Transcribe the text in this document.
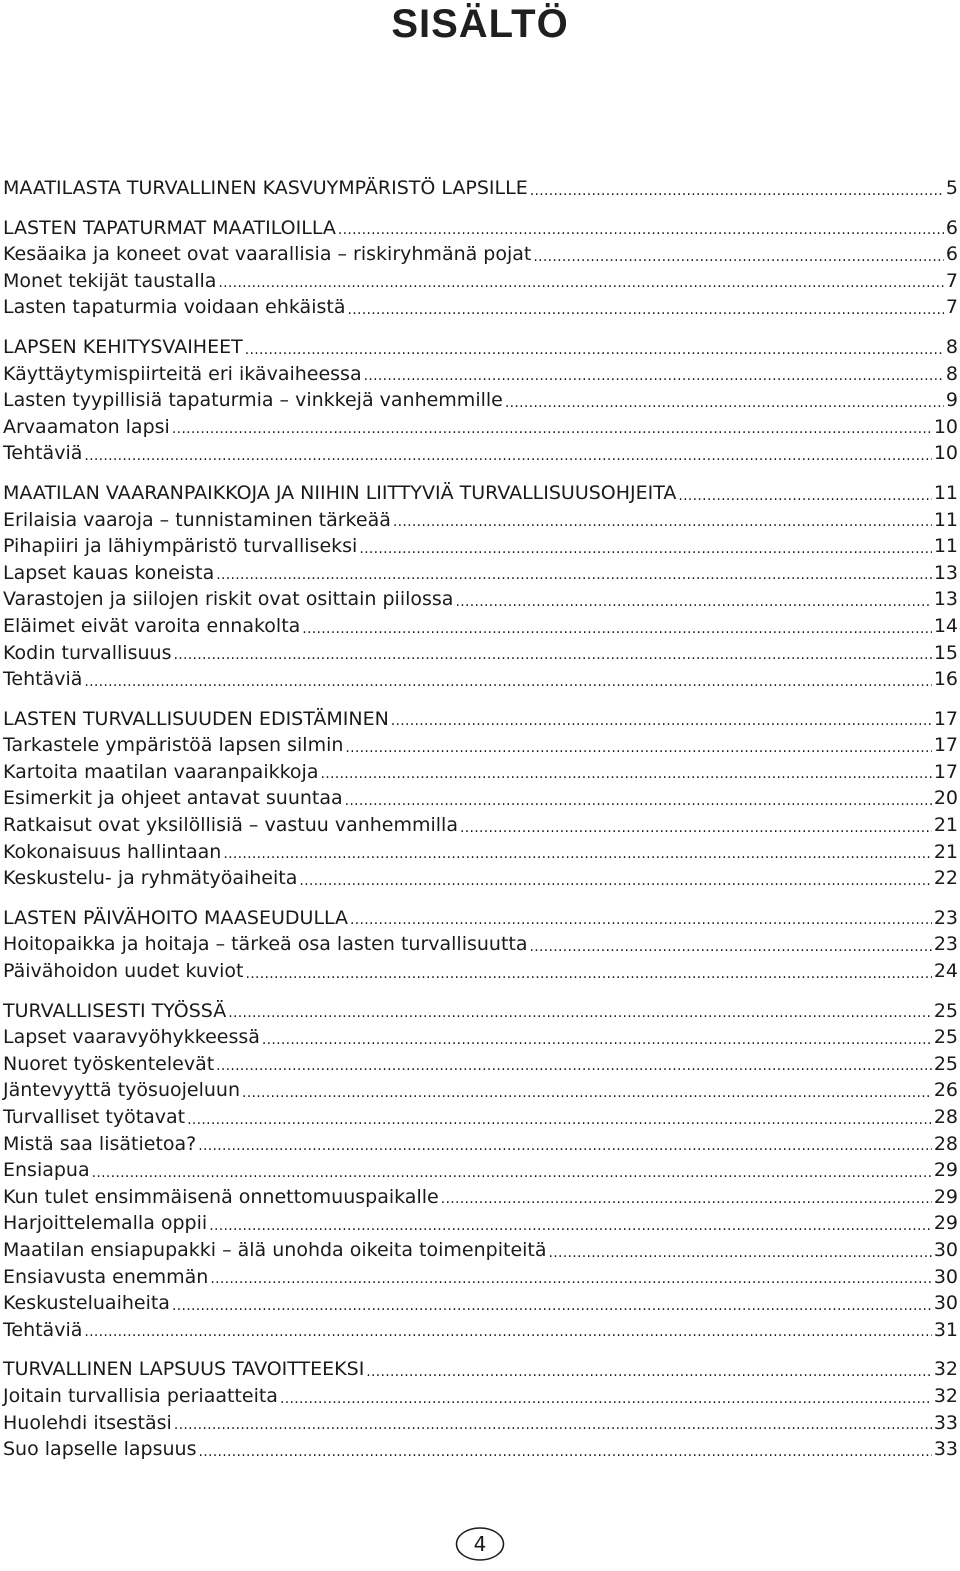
SISÄLTÖ
MAATILASTA TURVALLINEN KASVUYMPÄRISTÖ LAPSILLE .....	5
LASTEN TAPATURMAT MAATILOILLA .....	6
Kesäaika ja koneet ovat vaarallisia – riskiryhmänä pojat .....	6
Monet tekijät taustalla .....	7
Lasten tapaturmia voidaan ehkäistä .....	7
LAPSEN KEHITYSVAIHEET .....	8
Käyttäytymispiirteitä eri ikävaiheessa .....	8
Lasten tyypillisiä tapaturmia – vinkkejä vanhemmille .....	9
Arvaamaton lapsi .....	10
Tehtäviä .....	10
MAATILAN VAARANPAIKKOJA JA NIIHIN LIITTYVIÄ TURVALLISUUSOHJEITA .....	11
Erilaisia vaaroja – tunnistaminen tärkeää .....	11
Pihapiiri ja lähiympäristö turvalliseksi .....	11
Lapset kauas koneista .....	13
Varastojen ja siilojen riskit ovat osittain piilossa .....	13
Eläimet eivät varoita ennakolta .....	14
Kodin turvallisuus .....	15
Tehtäviä .....	16
LASTEN TURVALLISUUDEN EDISTÄMINEN .....	17
Tarkastele ympäristöä lapsen silmin .....	17
Kartoita maatilan vaaranpaikkoja .....	17
Esimerkit ja ohjeet antavat suuntaa .....	20
Ratkaisut ovat yksilöllisiä – vastuu vanhemmilla .....	21
Kokonaisuus hallintaan .....	21
Keskustelu- ja ryhmätyöaiheita .....	22
LASTEN PÄIVÄHOITO MAASEUDULLA .....	23
Hoitopaikka ja hoitaja – tärkeä osa lasten turvallisuutta .....	23
Päivähoidon uudet kuviot .....	24
TURVALLISESTI TYÖSSÄ .....	25
Lapset vaaravyöhykkeessä .....	25
Nuoret työskentelevät .....	25
Jäntevyyttä työsuojeluun .....	26
Turvalliset työtavat .....	28
Mistä saa lisätietoa? .....	28
Ensiapua .....	29
Kun tulet ensimmäisenä onnettomuuspaikalle .....	29
Harjoittelemalla oppii .....	29
Maatilan ensiapupakki – älä unohda oikeita toimenpiteitä .....	30
Ensiavusta enemmän .....	30
Keskusteluaiheita .....	30
Tehtäviä .....	31
TURVALLINEN LAPSUUS TAVOITTEEKSI .....	32
Joitain turvallisia periaatteita .....	32
Huolehdi itsestäsi .....	33
Suo lapselle lapsuus .....	33
4
